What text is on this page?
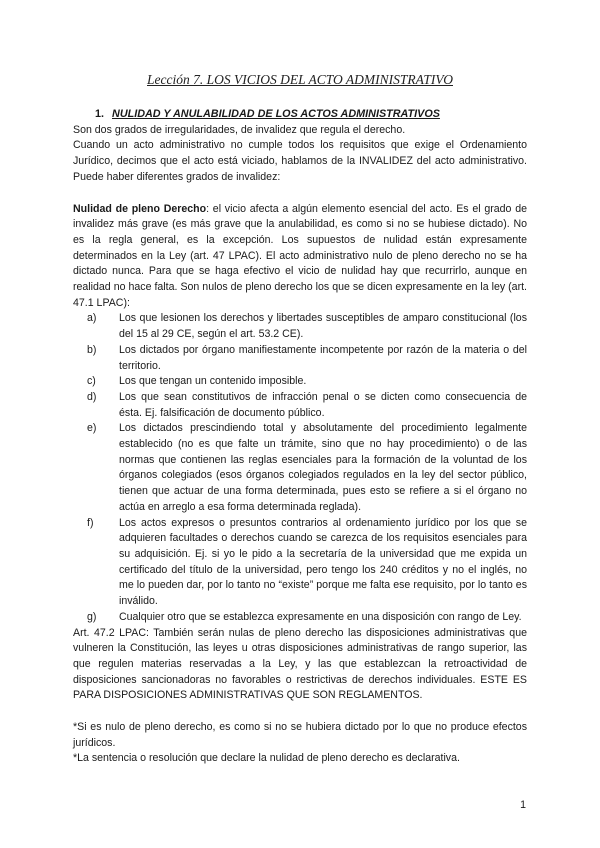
Lección 7. LOS VICIOS DEL ACTO ADMINISTRATIVO

1. NULIDAD Y ANULABILIDAD DE LOS ACTOS ADMINISTRATIVOS

Son dos grados de irregularidades, de invalidez que regula el derecho.

Cuando un acto administrativo no cumple todos los requisitos que exige el Ordenamiento Jurídico, decimos que el acto está viciado, hablamos de la INVALIDEZ del acto administrativo. Puede haber diferentes grados de invalidez:

Nulidad de pleno Derecho: el vicio afecta a algún elemento esencial del acto. Es el grado de invalidez más grave (es más grave que la anulabilidad, es como si no se hubiese dictado). No es la regla general, es la excepción. Los supuestos de nulidad están expresamente determinados en la Ley (art. 47 LPAC). El acto administrativo nulo de pleno derecho no se ha dictado nunca. Para que se haga efectivo el vicio de nulidad hay que recurrirlo, aunque en realidad no hace falta. Son nulos de pleno derecho los que se dicen expresamente en la ley (art. 47.1 LPAC):

a) Los que lesionen los derechos y libertades susceptibles de amparo constitucional (los del 15 al 29 CE, según el art. 53.2 CE).
b) Los dictados por órgano manifiestamente incompetente por razón de la materia o del territorio.
c) Los que tengan un contenido imposible.
d) Los que sean constitutivos de infracción penal o se dicten como consecuencia de ésta. Ej. falsificación de documento público.
e) Los dictados prescindiendo total y absolutamente del procedimiento legalmente establecido (no es que falte un trámite, sino que no hay procedimiento) o de las normas que contienen las reglas esenciales para la formación de la voluntad de los órganos colegiados (esos órganos colegiados regulados en la ley del sector público, tienen que actuar de una forma determinada, pues esto se refiere a si el órgano no actúa en arreglo a esa forma determinada reglada).
f) Los actos expresos o presuntos contrarios al ordenamiento jurídico por los que se adquieren facultades o derechos cuando se carezca de los requisitos esenciales para su adquisición. Ej. si yo le pido a la secretaría de la universidad que me expida un certificado del título de la universidad, pero tengo los 240 créditos y no el inglés, no me lo pueden dar, por lo tanto no “existe” porque me falta ese requisito, por lo tanto es inválido.
g) Cualquier otro que se establezca expresamente en una disposición con rango de Ley.

Art. 47.2 LPAC: También serán nulas de pleno derecho las disposiciones administrativas que vulneren la Constitución, las leyes u otras disposiciones administrativas de rango superior, las que regulen materias reservadas a la Ley, y las que establezcan la retroactividad de disposiciones sancionadoras no favorables o restrictivas de derechos individuales. ESTE ES PARA DISPOSICIONES ADMINISTRATIVAS QUE SON REGLAMENTOS.

*Si es nulo de pleno derecho, es como si no se hubiera dictado por lo que no produce efectos jurídicos.

*La sentencia o resolución que declare la nulidad de pleno derecho es declarativa.

1
